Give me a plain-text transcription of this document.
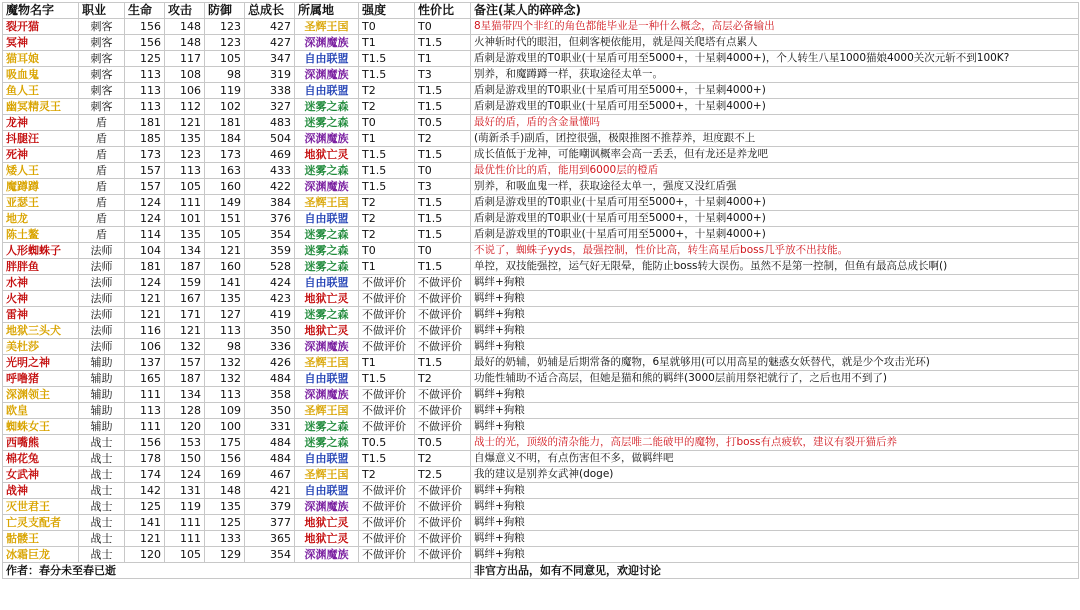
魔物名字	职业	生命	攻击	防御	总成长	所属地	强度	性价比	备注(某人的碎碎念)
裂开猫	刺客	156	148	123	427	圣辉王国	T0	T0	8星猫带四个非红的角色都能毕业是一种什么概念，高层必备输出
冥神	刺客	156	148	123	427	深渊魔族	T1	T1.5	火神斩时代的眼泪，但刺客梗依能用，就是闯关爬塔有点累人
猫耳娘	刺客	125	117	105	347	自由联盟	T1.5	T1	盾刺是游戏里的T0职业(十星盾可用至5000+，十星刺4000+)，个人转生八星1000猫娘4000关次元斩不到100K?
吸血鬼	刺客	113	108	98	319	深渊魔族	T1.5	T3	别养，和魔蹲蹲一样，获取途径太单一。
鱼人王	刺客	113	106	119	338	自由联盟	T2	T1.5	盾刺是游戏里的T0职业(十星盾可用至5000+，十星刺4000+)
幽冥精灵王	刺客	113	112	102	327	迷雾之森	T2	T1.5	盾刺是游戏里的T0职业(十星盾可用至5000+，十星刺4000+)
龙神	盾	181	121	181	483	迷雾之森	T0	T0.5	最好的盾，盾的含金量懂吗
抖腿汪	盾	185	135	184	504	深渊魔族	T1	T2	(萌新杀手)副盾，团控很强，极限推图不推荐养，坦度跟不上
死神	盾	173	123	173	469	地狱亡灵	T1.5	T1.5	成长值低于龙神，可能嘲讽概率会高一丢丢，但有龙还是养龙吧
矮人王	盾	157	113	163	433	迷雾之森	T1.5	T0	最优性价比的盾，能用到6000层的橙盾
魔蹲蹲	盾	157	105	160	422	深渊魔族	T1.5	T3	别养，和吸血鬼一样，获取途径太单一，强度又没红盾强
亚瑟王	盾	124	111	149	384	圣辉王国	T2	T1.5	盾刺是游戏里的T0职业(十星盾可用至5000+，十星刺4000+)
地龙	盾	124	101	151	376	自由联盟	T2	T1.5	盾刺是游戏里的T0职业(十星盾可用至5000+，十星刺4000+)
陈土鳌	盾	114	135	105	354	迷雾之森	T2	T1.5	盾刺是游戏里的T0职业(十星盾可用至5000+，十星刺4000+)
人形蜘蛛子	法师	104	134	121	359	迷雾之森	T0	T0	不说了，蜘蛛子yyds，最强控制，性价比高，转生高星后boss几乎放不出技能。
胖胖鱼	法师	181	187	160	528	迷雾之森	T1	T1.5	单控，双技能强控，运气好无限晕，能防止boss转大误伤。虽然不是第一控制，但鱼有最高总成长啊()
水神	法师	124	159	141	424	自由联盟	不做评价	不做评价	羁绊+狗粮
火神	法师	121	167	135	423	地狱亡灵	不做评价	不做评价	羁绊+狗粮
雷神	法师	121	171	127	419	迷雾之森	不做评价	不做评价	羁绊+狗粮
地狱三头犬	法师	116	121	113	350	地狱亡灵	不做评价	不做评价	羁绊+狗粮
美杜莎	法师	106	132	98	336	深渊魔族	不做评价	不做评价	羁绊+狗粮
光明之神	辅助	137	157	132	426	圣辉王国	T1	T1.5	最好的奶辅，奶辅是后期常备的魔物，6星就够用(可以用高星的魅惑女妖替代，就是少个攻击光环)
呼噜猪	辅助	165	187	132	484	自由联盟	T1.5	T2	功能性辅助不适合高层，但她是猫和熊的羁绊(3000层前用祭祀就行了，之后也用不到了)
深渊领主	辅助	111	134	113	358	深渊魔族	不做评价	不做评价	羁绊+狗粮
欧皇	辅助	113	128	109	350	圣辉王国	不做评价	不做评价	羁绊+狗粮
蜘蛛女王	辅助	111	120	100	331	迷雾之森	不做评价	不做评价	羁绊+狗粮
西嘴熊	战士	156	153	175	484	迷雾之森	T0.5	T0.5	战士的光，顶级的清杂能力，高层唯二能破甲的魔物，打boss有点疲软，建议有裂开猫后养
棉花兔	战士	178	150	156	484	自由联盟	T1.5	T2	自爆意义不明，有点伤害但不多，做羁绊吧
女武神	战士	174	124	169	467	圣辉王国	T2	T2.5	我的建议是别养女武神(doge)
战神	战士	142	131	148	421	自由联盟	不做评价	不做评价	羁绊+狗粮
灭世君王	战士	125	119	135	379	深渊魔族	不做评价	不做评价	羁绊+狗粮
亡灵支配者	战士	141	111	125	377	地狱亡灵	不做评价	不做评价	羁绊+狗粮
骷髅王	战士	121	111	133	365	地狱亡灵	不做评价	不做评价	羁绊+狗粮
冰霜巨龙	战士	120	105	129	354	深渊魔族	不做评价	不做评价	羁绊+狗粮
作者：春分未至春已逝									非官方出品，如有不同意见，欢迎讨论
